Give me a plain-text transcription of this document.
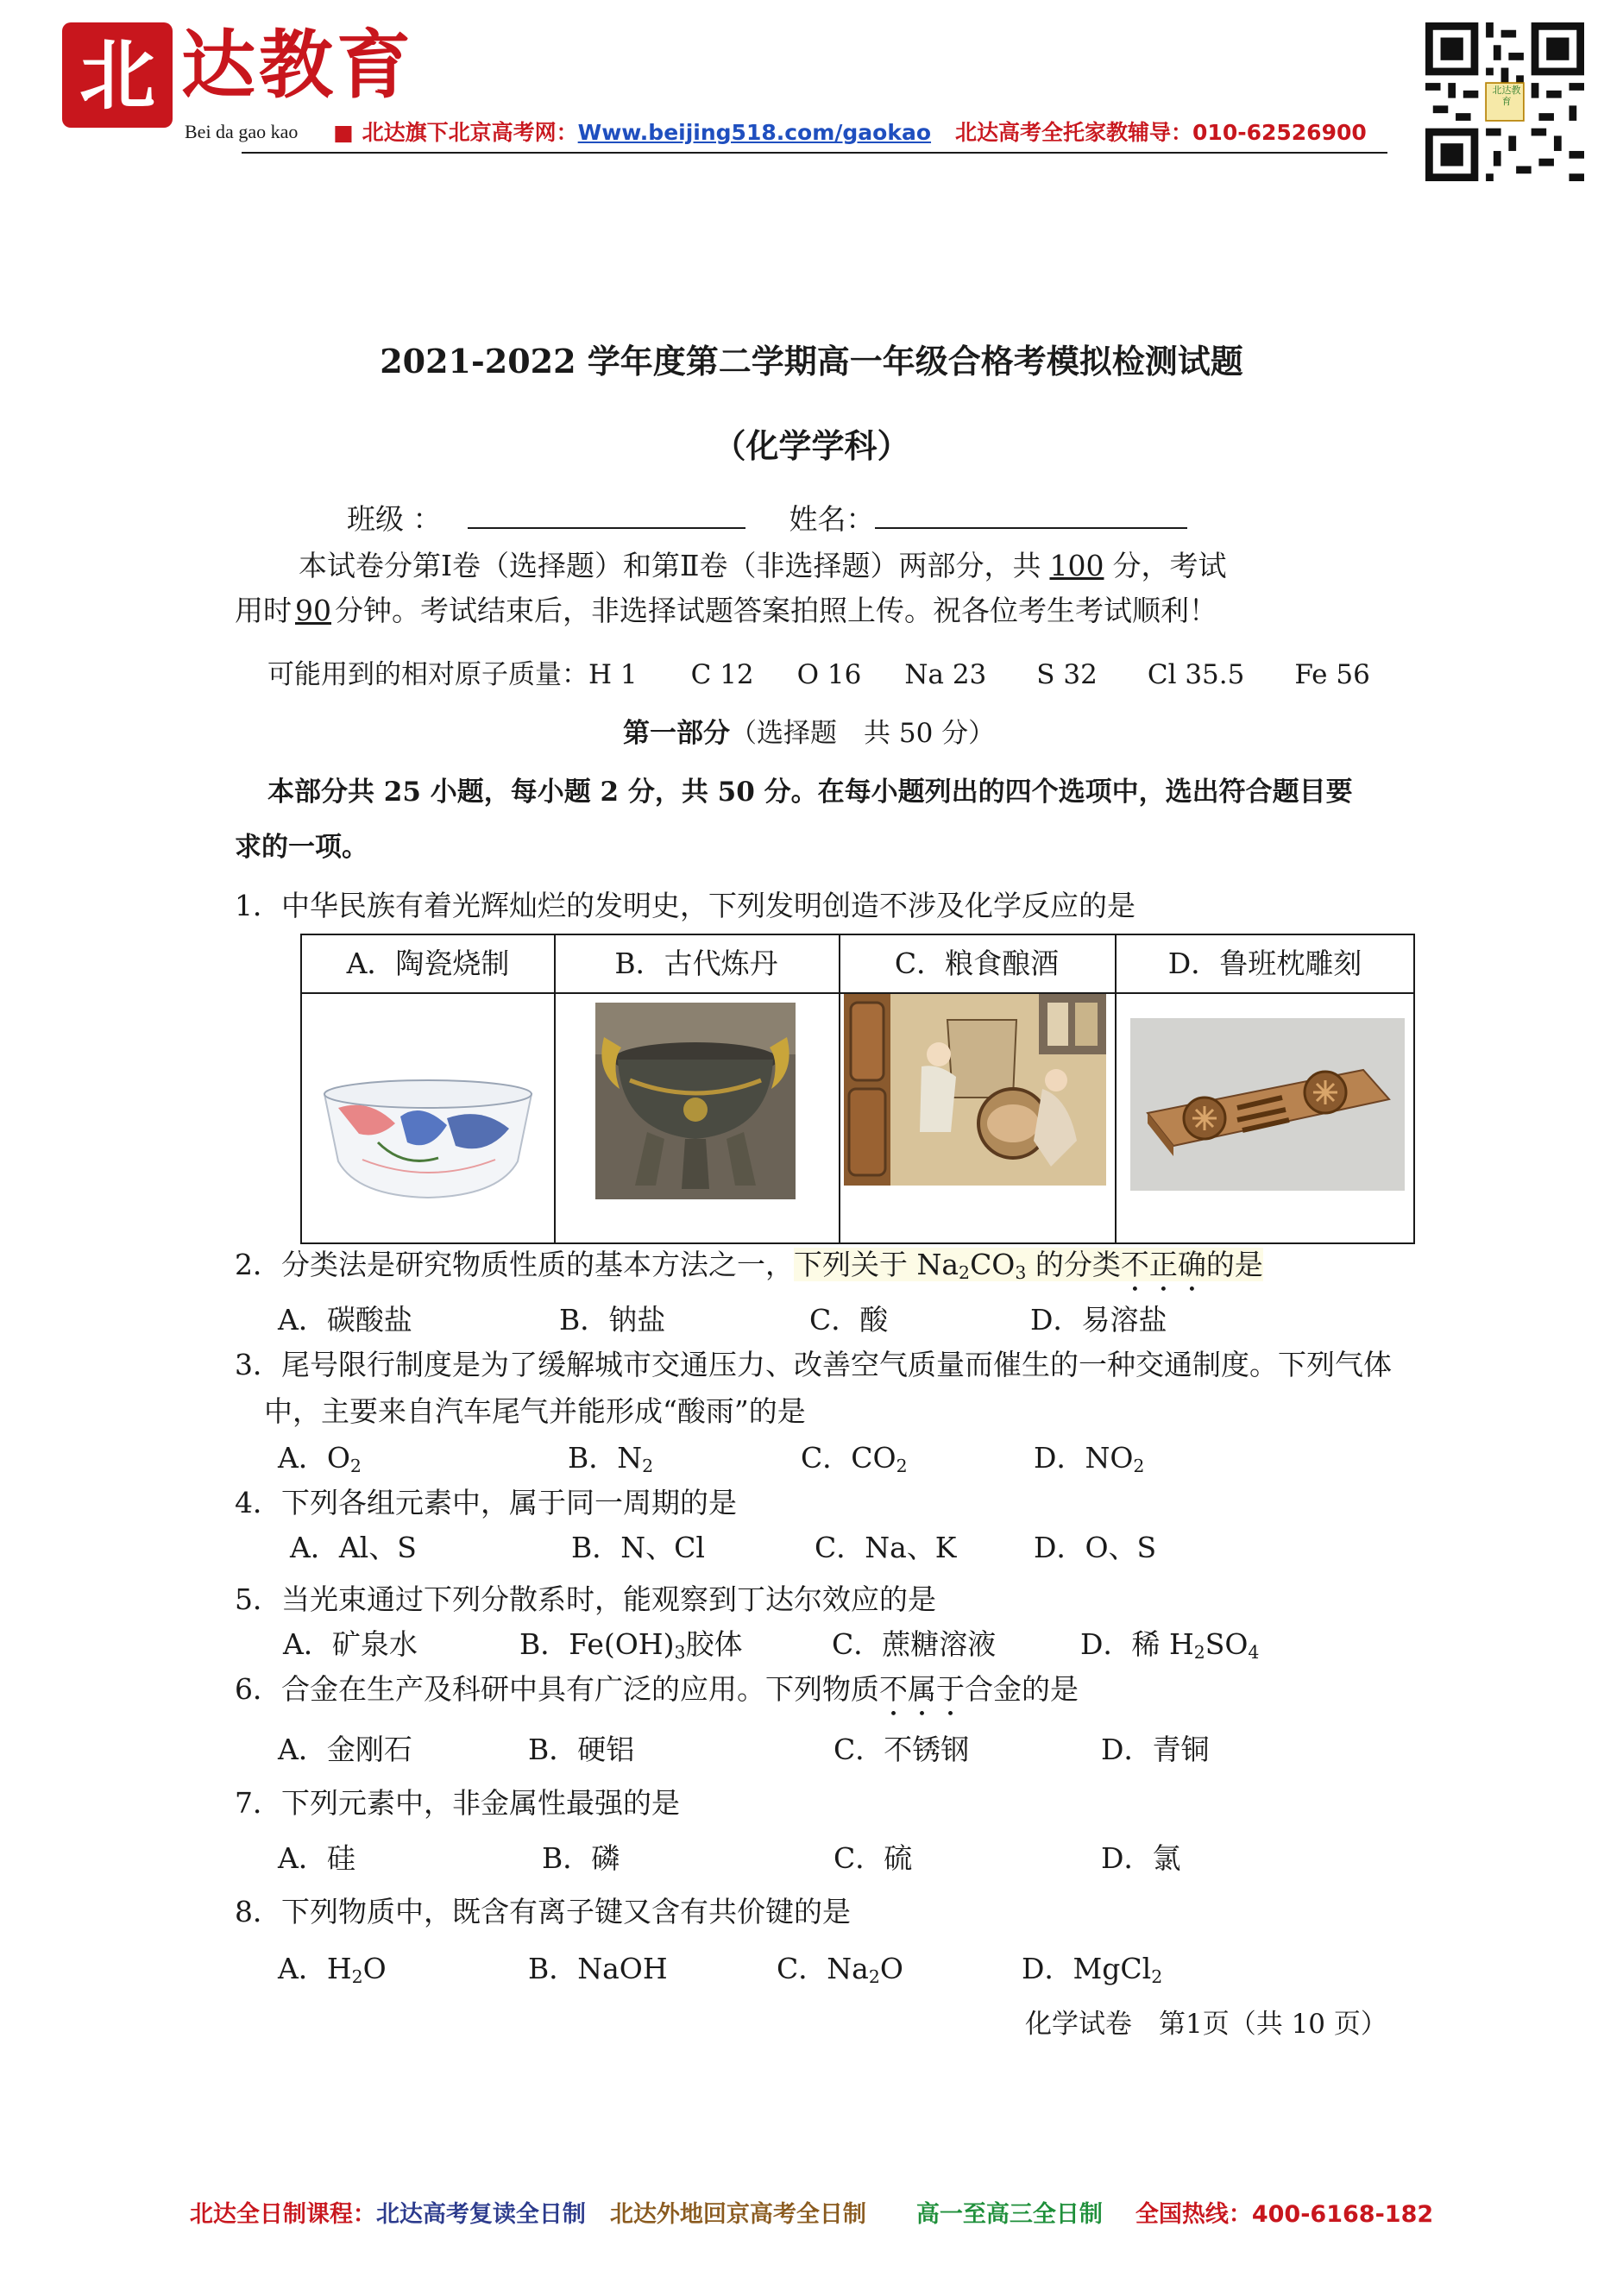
北 达教育
Bei da gao kao ■ 北达旗下北京高考网：Www.beijing518.com/gaokao 北达高考全托家教辅导：010-62526900
北达教育
2021-2022 学年度第二学期高一年级合格考模拟检测试题
（化学学科）
班级 ：	姓名：
本试卷分第Ⅰ卷（选择题）和第Ⅱ卷（非选择题）两部分，共 100 分，考试
用时 90 分钟。考试结束后，非选择试题答案拍照上传。祝各位考生考试顺利！
可能用到的相对原子质量：H 1 C 12 O 16 Na 23 S 32 Cl 35.5 Fe 56
第一部分（选择题　共 50 分）
本部分共 25 小题，每小题 2 分，共 50 分。在每小题列出的四个选项中，选出符合题目要
求的一项。
1．中华民族有着光辉灿烂的发明史，下列发明创造不涉及化学反应的是
A．陶瓷烧制	B．古代炼丹	C．粮食酿酒	D．鲁班枕雕刻
2．分类法是研究物质性质的基本方法之一，下列关于 $Na_2CO_3$ 的分类不正确的是
A．碳酸盐	B．钠盐	C．酸	D．易溶盐
3．尾号限行制度是为了缓解城市交通压力、改善空气质量而催生的一种交通制度。下列气体
中，主要来自汽车尾气并能形成“酸雨”的是
A．$O_2$	B．$N_2$	C．$CO_2$	D．$NO_2$
4．下列各组元素中，属于同一周期的是
A．Al、S	B．N、Cl	C．Na、K	D．O、S
5．当光束通过下列分散系时，能观察到丁达尔效应的是
A．矿泉水	B．$Fe(OH)_3$胶体	C．蔗糖溶液	D．稀 $H_2SO_4$
6．合金在生产及科研中具有广泛的应用。下列物质不属于合金的是
A．金刚石	B．硬铝	C．不锈钢	D．青铜
7．下列元素中，非金属性最强的是
A．硅	B．磷	C．硫	D．氯
8．下列物质中，既含有离子键又含有共价键的是
A．$H_2O$	B．NaOH	C．$Na_2O$	D．MgCl$_2$
化学试卷　第1页（共 10 页）
北达全日制课程：北达高考复读全日制 北达外地回京高考全日制 高一至高三全日制 全国热线：400-6168-182
